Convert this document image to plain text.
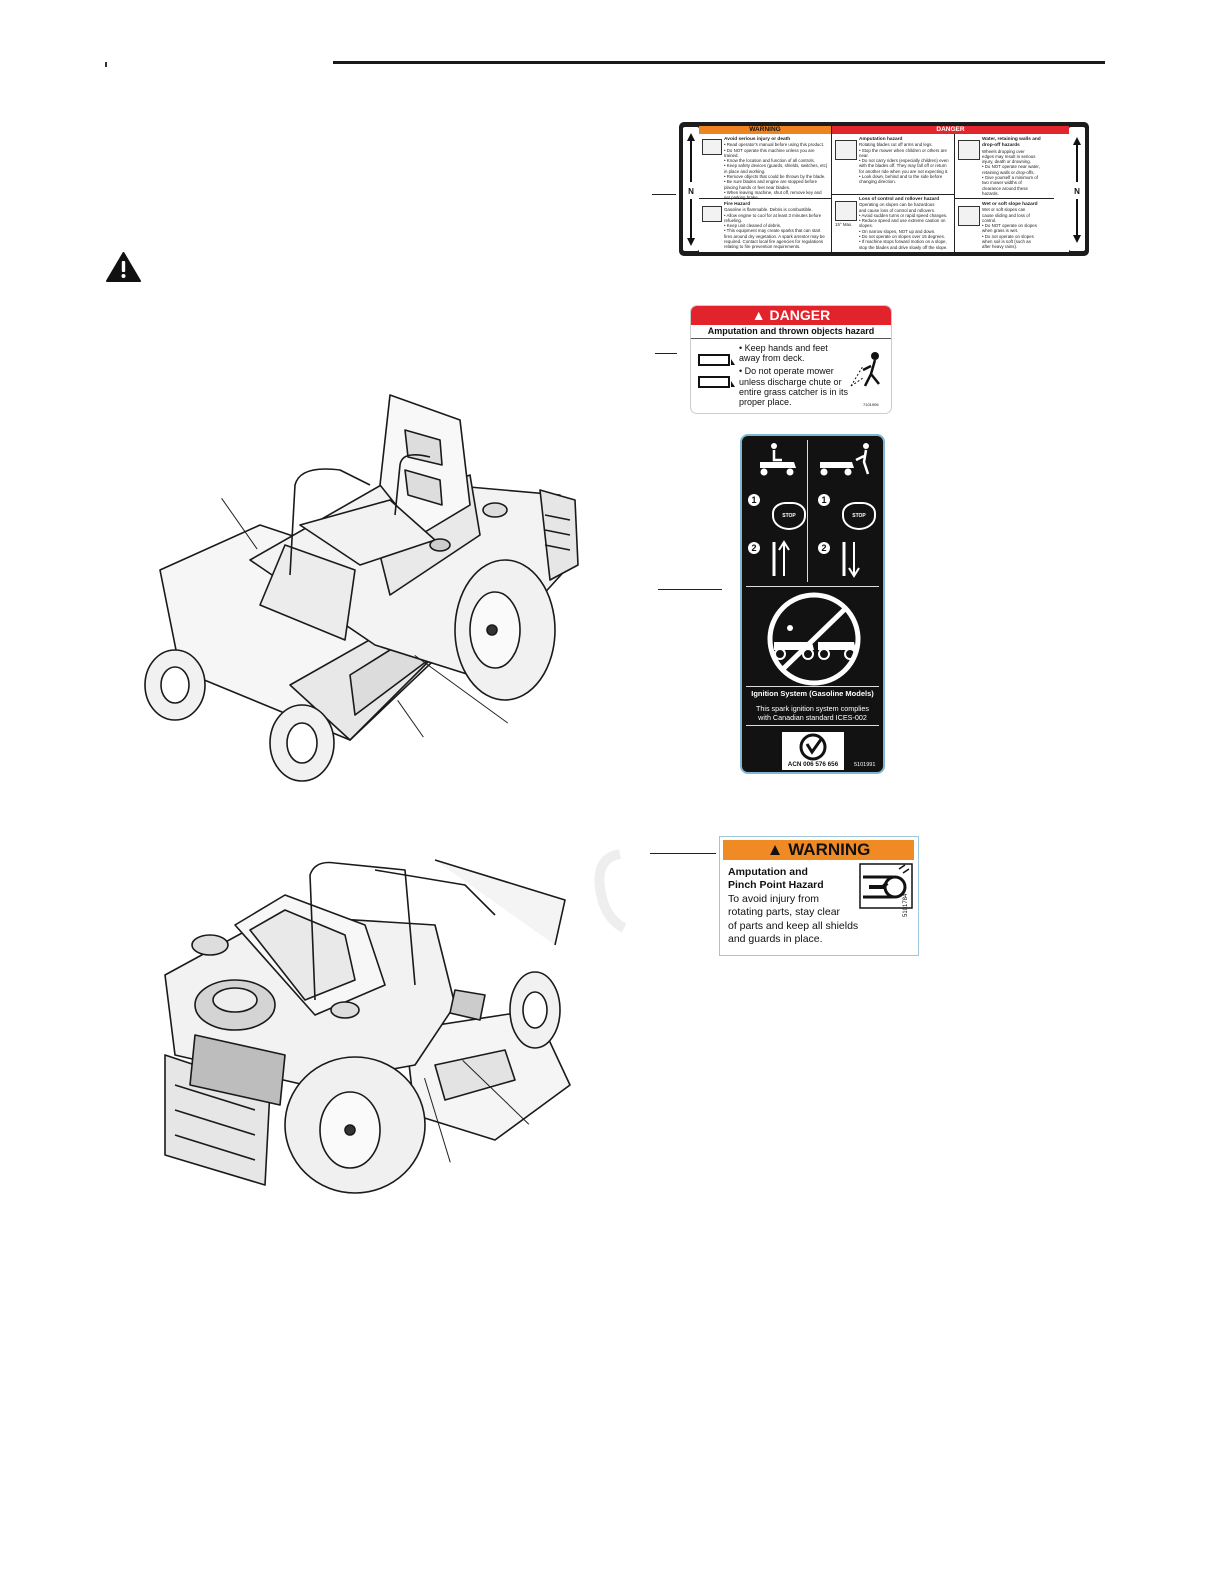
N	N
WARNING
Avoid serious injury or death
• Read operator's manual before using this product.
• Do NOT operate this machine unless you are trained.
• Know the location and function of all controls.
• Keep safety devices (guards, shields, switches, etc)
in place and working.
• Remove objects that could be thrown by the blade.
• Be sure blades and engine are stopped before
placing hands or feet near blades.
• When leaving machine, shut off, remove key and
Fire Hazard
Gasoline is flammable. Debris is combustible.
• Allow engine to cool for at least 3 minutes before
refueling.
• Keep unit cleaned of debris.
• This equipment may create sparks that can start
fires around dry vegetation. A spark arrestor may be
required. Contact local fire agencies for regulations
relating to fire prevention requirements.
DANGER
Amputation hazard
Rotating blades cut off arms and legs.
• Stop the mower when children or others are
near.
• Do not carry riders (especially children) even
with the blades off. They may fall off or return
for another ride when you are not expecting it.
• Look down, behind and to the side before
changing direction.
15° Max.
Loss of control and rollover hazard
Operating on slopes can be hazardous
and cause loss of control and rollovers.
• Avoid sudden turns or rapid speed changes.
• Reduce speed and use extreme caution on
slopes.
• On narrow slopes, NOT up and down.
• Do not operate on slopes over 15 degrees.
• If machine stops forward motion on a slope,
stop the blades and drive slowly off the slope.
Water, retaining walls and drop-off hazards
Wheels dropping over
edges may result in serious
injury, death or drowning.
• Do NOT operate near water,
retaining walls or drop-offs.
• Give yourself a minimum of
two mower widths of
clearance around these
hazards.
Wet or soft slope hazard
Wet or soft slopes can
cause sliding and loss of
control.
• Do NOT operate on slopes
when grass is wet.
• Do not operate on slopes
when soil is soft (such as
after heavy rains).
▲ DANGER
Amputation and thrown objects hazard
• Keep hands and feet away from deck.
• Do not operate mower unless discharge chute or entire grass catcher is in its proper place.	7101906
1
STOP
2
1
STOP
2
Ignition System (Gasoline Models)
This spark ignition system complies
with Canadian standard ICES-002
ACN 006 576 656	5101991
▲ WARNING
Amputation and
Pinch Point Hazard
To avoid injury from
rotating parts, stay clear
of parts and keep all shields
and guards in place.
5101784
